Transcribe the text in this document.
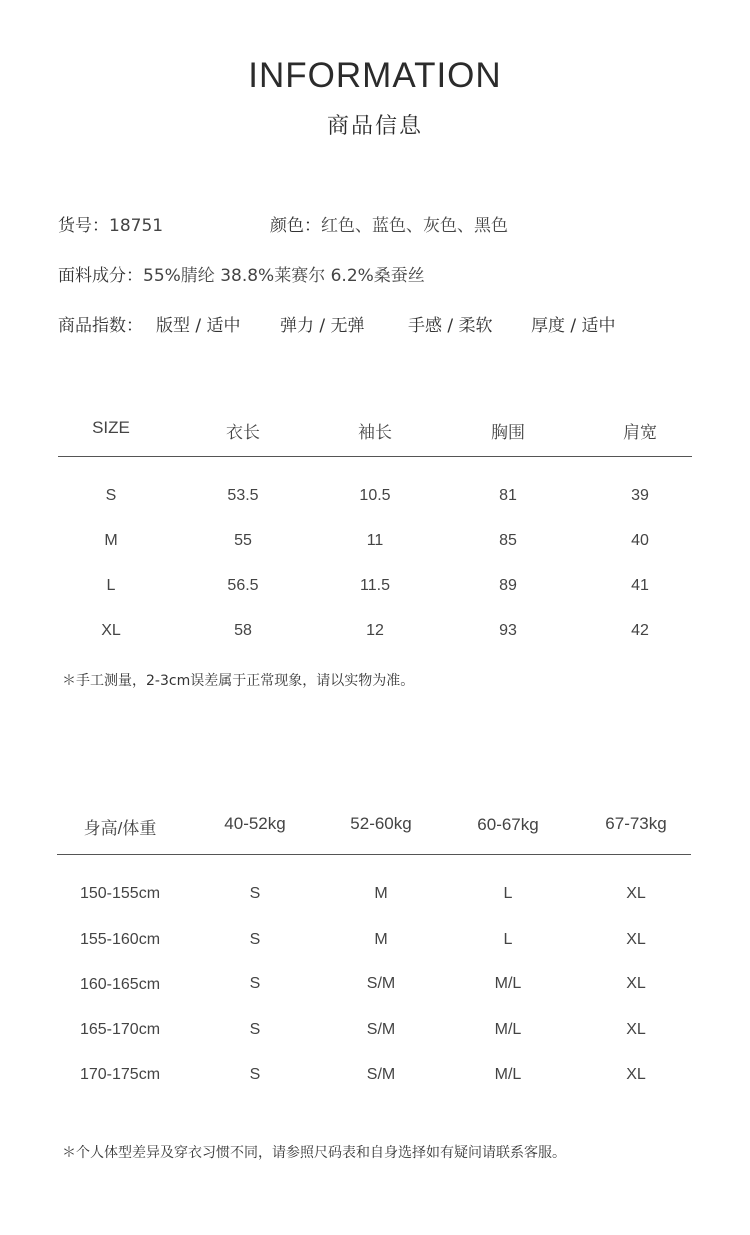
INFORMATION
商品信息
货号：18751	颜色：红色、蓝色、灰色、黑色
面料成分：55%腈纶 38.8%莱赛尔 6.2%桑蚕丝
商品指数： 版型 / 适中 弹力 / 无弹	手感 / 柔软 厚度 / 适中
SIZE	衣长	袖长	胸围	肩宽
S	53.5	10.5	81	39
M	55	11	85	40
L	56.5	11.5	89	41
XL	58	12	93	42
＊手工测量，2-3cm误差属于正常现象，请以实物为准。
身高/体重	40-52kg	52-60kg	60-67kg	67-73kg
150-155cm	S	M	L	XL
155-160cm	S	M	L	XL
160-165cm	S	S/M	M/L	XL
165-170cm	S	S/M	M/L	XL
170-175cm	S	S/M	M/L	XL
＊个人体型差异及穿衣习惯不同，请参照尺码表和自身选择如有疑问请联系客服。
